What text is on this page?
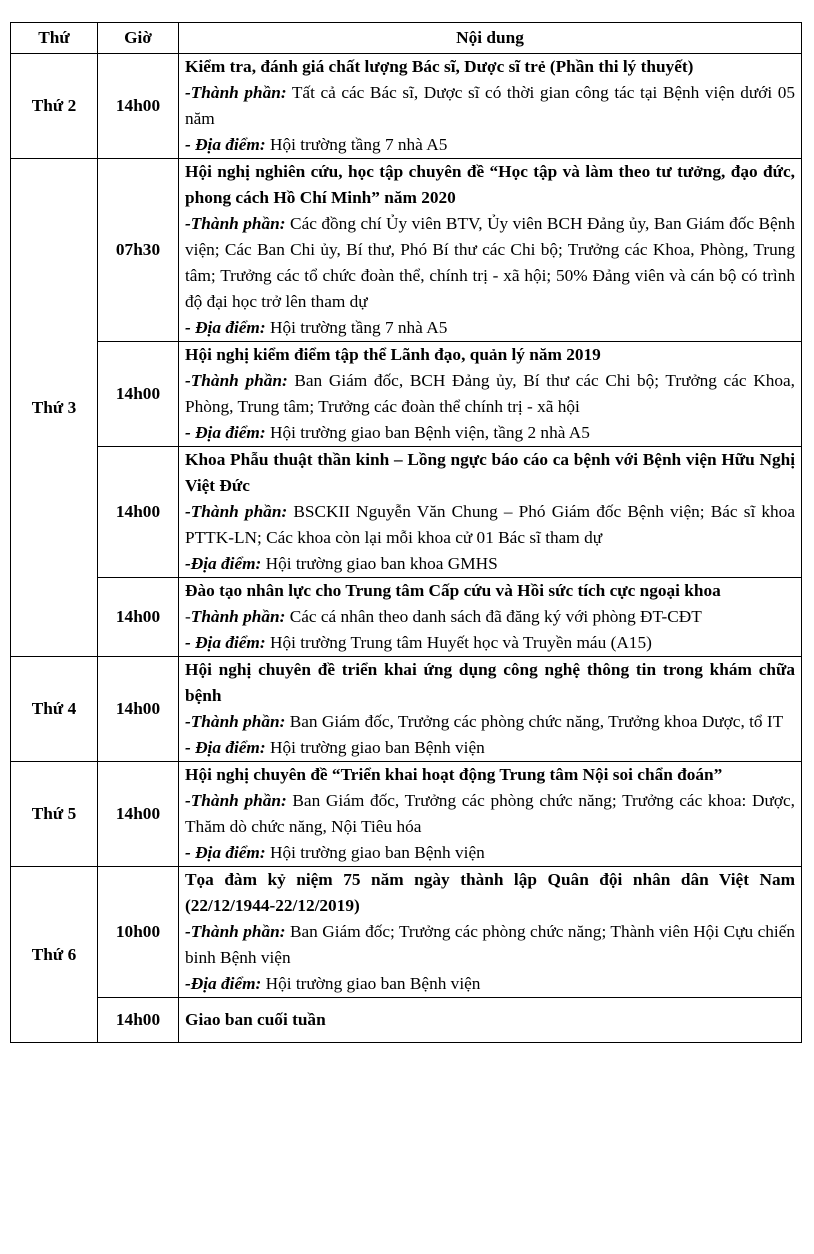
Thứ	Giờ	Nội dung
Thứ 2	14h00	Kiểm tra, đánh giá chất lượng Bác sĩ, Dược sĩ trẻ (Phần thi lý thuyết)
-Thành phần: Tất cả các Bác sĩ, Dược sĩ có thời gian công tác tại Bệnh viện dưới 05 năm
- Địa điểm: Hội trường tầng 7 nhà A5

Thứ 3	07h30	Hội nghị nghiên cứu, học tập chuyên đề “Học tập và làm theo tư tưởng, đạo đức, phong cách Hồ Chí Minh” năm 2020
-Thành phần: Các đồng chí Ủy viên BTV, Ủy viên BCH Đảng ủy, Ban Giám đốc Bệnh viện; Các Ban Chi ủy, Bí thư, Phó Bí thư các Chi bộ; Trưởng các Khoa, Phòng, Trung tâm; Trưởng các tổ chức đoàn thể, chính trị - xã hội; 50% Đảng viên và cán bộ có trình độ đại học trở lên tham dự
- Địa điểm: Hội trường tầng 7 nhà A5

	14h00	Hội nghị kiểm điểm tập thể Lãnh đạo, quản lý năm 2019
-Thành phần: Ban Giám đốc, BCH Đảng ủy, Bí thư các Chi bộ; Trưởng các Khoa, Phòng, Trung tâm; Trưởng các đoàn thể chính trị - xã hội
- Địa điểm: Hội trường giao ban Bệnh viện, tầng 2 nhà A5

	14h00	Khoa Phẫu thuật thần kinh – Lồng ngực báo cáo ca bệnh với Bệnh viện Hữu Nghị Việt Đức
-Thành phần: BSCKII Nguyễn Văn Chung – Phó Giám đốc Bệnh viện; Bác sĩ khoa PTTK-LN; Các khoa còn lại mỗi khoa cử 01 Bác sĩ tham dự
-Địa điểm: Hội trường giao ban khoa GMHS

	14h00	Đào tạo nhân lực cho Trung tâm Cấp cứu và Hồi sức tích cực ngoại khoa
-Thành phần: Các cá nhân theo danh sách đã đăng ký với phòng ĐT-CĐT
- Địa điểm: Hội trường Trung tâm Huyết học và Truyền máu (A15)

Thứ 4	14h00	Hội nghị chuyên đề triển khai ứng dụng công nghệ thông tin trong khám chữa bệnh
-Thành phần: Ban Giám đốc, Trưởng các phòng chức năng, Trưởng khoa Dược, tổ IT
- Địa điểm: Hội trường giao ban Bệnh viện

Thứ 5	14h00	Hội nghị chuyên đề “Triển khai hoạt động Trung tâm Nội soi chẩn đoán”
-Thành phần: Ban Giám đốc, Trưởng các phòng chức năng; Trưởng các khoa: Dược, Thăm dò chức năng, Nội Tiêu hóa
- Địa điểm: Hội trường giao ban Bệnh viện

Thứ 6	10h00	Tọa đàm kỷ niệm 75 năm ngày thành lập Quân đội nhân dân Việt Nam (22/12/1944-22/12/2019)
-Thành phần: Ban Giám đốc; Trưởng các phòng chức năng; Thành viên Hội Cựu chiến binh Bệnh viện
-Địa điểm: Hội trường giao ban Bệnh viện

	14h00	Giao ban cuối tuần
